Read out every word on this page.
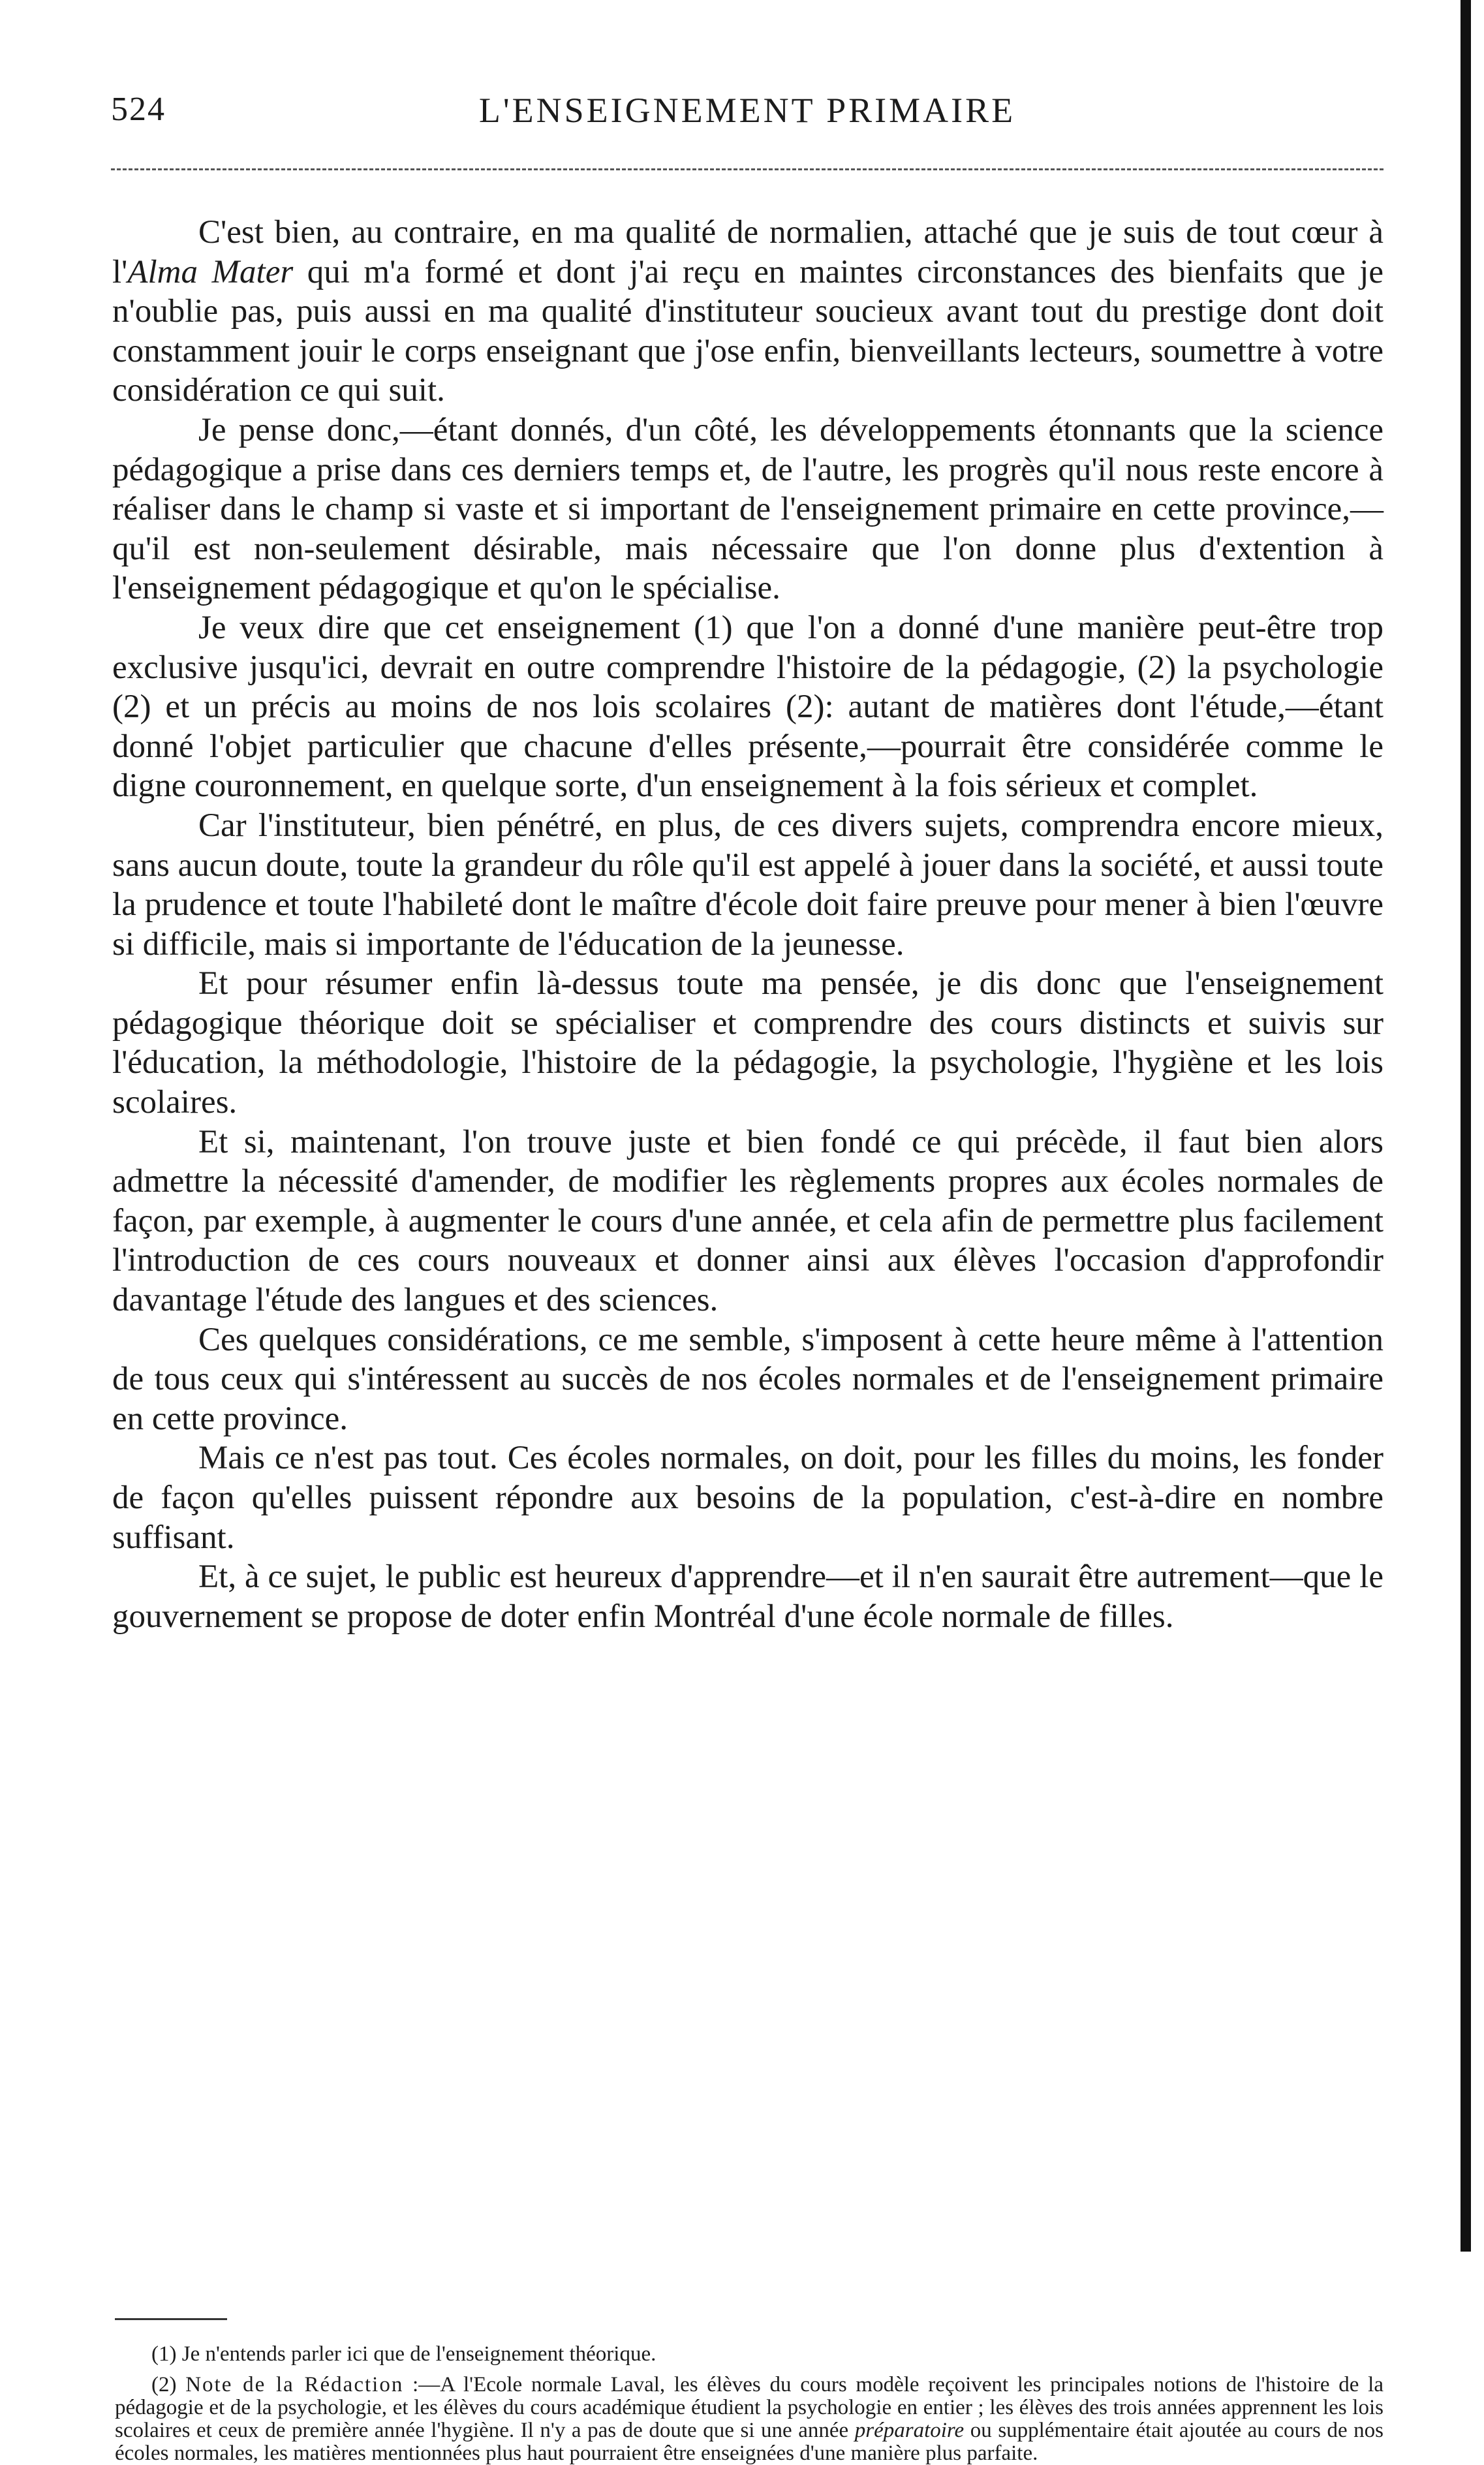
524	L'ENSEIGNEMENT PRIMAIRE

C'est bien, au contraire, en ma qualité de normalien, attaché que je suis de tout cœur à l'Alma Mater qui m'a formé et dont j'ai reçu en maintes circonstances des bienfaits que je n'oublie pas, puis aussi en ma qualité d'instituteur soucieux avant tout du prestige dont doit constamment jouir le corps enseignant que j'ose enfin, bienveillants lecteurs, soumettre à votre considération ce qui suit.

Je pense donc,—étant donnés, d'un côté, les développements étonnants que la science pédagogique a prise dans ces derniers temps et, de l'autre, les progrès qu'il nous reste encore à réaliser dans le champ si vaste et si important de l'enseignement primaire en cette province,—qu'il est non-seulement désirable, mais nécessaire que l'on donne plus d'extention à l'enseignement pédagogique et qu'on le spécialise.

Je veux dire que cet enseignement (1) que l'on a donné d'une manière peut-être trop exclusive jusqu'ici, devrait en outre comprendre l'histoire de la pédagogie, (2) la psychologie (2) et un précis au moins de nos lois scolaires (2): autant de matières dont l'étude,—étant donné l'objet particulier que chacune d'elles présente,—pourrait être considérée comme le digne couronnement, en quelque sorte, d'un enseignement à la fois sérieux et complet.

Car l'instituteur, bien pénétré, en plus, de ces divers sujets, comprendra encore mieux, sans aucun doute, toute la grandeur du rôle qu'il est appelé à jouer dans la société, et aussi toute la prudence et toute l'habileté dont le maître d'école doit faire preuve pour mener à bien l'œuvre si difficile, mais si importante de l'éducation de la jeunesse.

Et pour résumer enfin là-dessus toute ma pensée, je dis donc que l'enseignement pédagogique théorique doit se spécialiser et comprendre des cours distincts et suivis sur l'éducation, la méthodologie, l'histoire de la pédagogie, la psychologie, l'hygiène et les lois scolaires.

Et si, maintenant, l'on trouve juste et bien fondé ce qui précède, il faut bien alors admettre la nécessité d'amender, de modifier les règlements propres aux écoles normales de façon, par exemple, à augmenter le cours d'une année, et cela afin de permettre plus facilement l'introduction de ces cours nouveaux et donner ainsi aux élèves l'occasion d'approfondir davantage l'étude des langues et des sciences.

Ces quelques considérations, ce me semble, s'imposent à cette heure même à l'attention de tous ceux qui s'intéressent au succès de nos écoles normales et de l'enseignement primaire en cette province.

Mais ce n'est pas tout. Ces écoles normales, on doit, pour les filles du moins, les fonder de façon qu'elles puissent répondre aux besoins de la population, c'est-à-dire en nombre suffisant.

Et, à ce sujet, le public est heureux d'apprendre—et il n'en saurait être autrement—que le gouvernement se propose de doter enfin Montréal d'une école normale de filles.

(1) Je n'entends parler ici que de l'enseignement théorique.

(2) Note de la Rédaction :—A l'Ecole normale Laval, les élèves du cours modèle reçoivent les principales notions de l'histoire de la pédagogie et de la psychologie, et les élèves du cours académique étudient la psychologie en entier ; les élèves des trois années apprennent les lois scolaires et ceux de première année l'hygiène. Il n'y a pas de doute que si une année préparatoire ou supplémentaire était ajoutée au cours de nos écoles normales, les matières mentionnées plus haut pourraient être enseignées d'une manière plus parfaite.
